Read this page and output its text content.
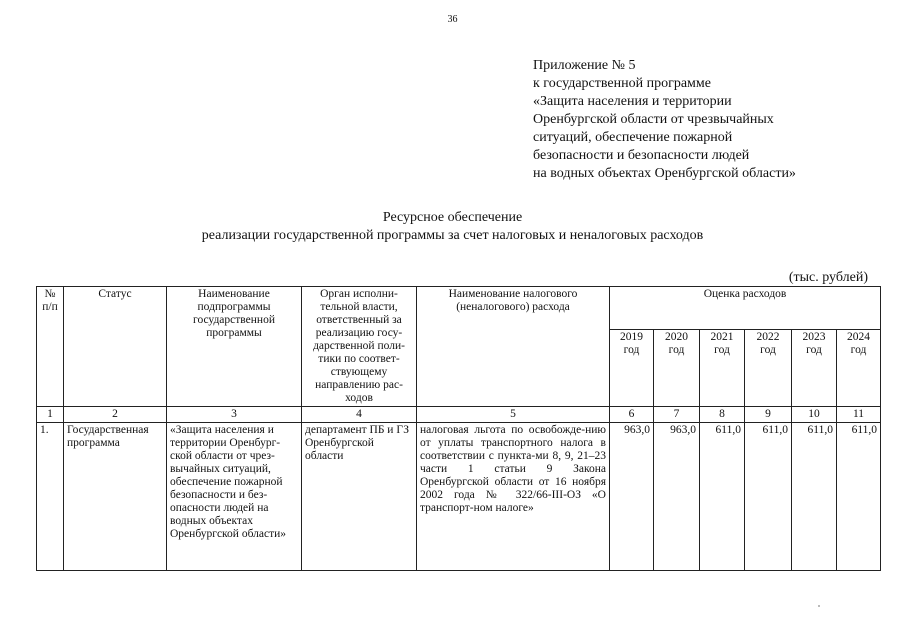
36
Приложение № 5
к государственной программе
«Защита населения и территории
Оренбургской области от чрезвычайных
ситуаций, обеспечение пожарной
безопасности и безопасности людей
на водных объектах Оренбургской области»
Ресурсное обеспечение
реализации государственной программы за счет налоговых и неналоговых расходов
(тыс. рублей)
№ п/п	Статус	Наименование подпрограммы государственной программы	Орган исполни-тельной власти, ответственный за реализацию госу-дарственной поли-тики по соответ-ствующему направлению рас-ходов	Наименование налогового (неналогового) расхода	Оценка расходов					
					2019 год	2020 год	2021 год	2022 год	2023 год	2024 год
1	2	3	4	5	6	7	8	9	10	11
1.	Государственная программа	«Защита населения и территории Оренбург-ской области от чрез-вычайных ситуаций, обеспечение пожарной безопасности и без-опасности людей на водных объектах Оренбургской области»	департамент ПБ и ГЗ Оренбургской области	налоговая льгота по освобожде-нию от уплаты транспортного налога в соответствии с пункта-ми 8, 9, 21–23 части 1 статьи 9 Закона Оренбургской области от 16 ноября 2002 года № 322/66-III-ОЗ «О транспорт-ном налоге»	963,0	963,0	611,0	611,0	611,0	611,0
